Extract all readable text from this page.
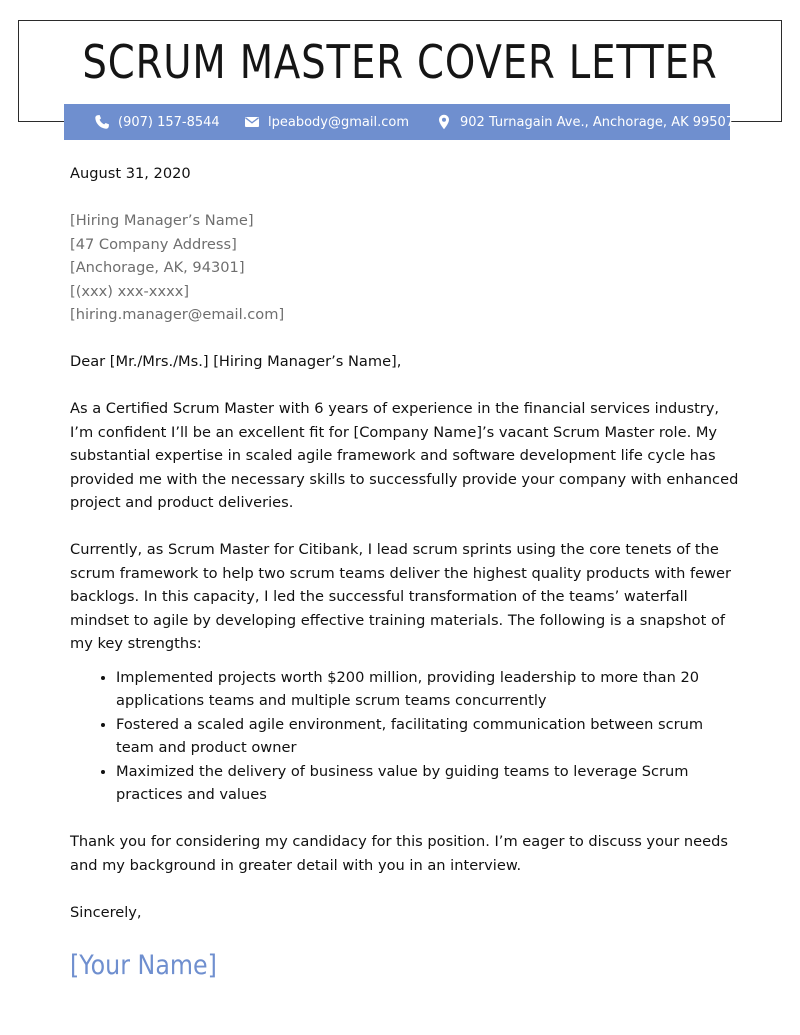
SCRUM MASTER COVER LETTER
(907) 157-8544	lpeabody@gmail.com	902 Turnagain Ave., Anchorage, AK 99507

August 31, 2020

[Hiring Manager’s Name]

[47 Company Address]

[Anchorage, AK, 94301]

[(xxx) xxx-xxxx]

[hiring.manager@email.com]

Dear [Mr./Mrs./Ms.] [Hiring Manager’s Name],

As a Certified Scrum Master with 6 years of experience in the financial services industry, I’m confident I’ll be an excellent fit for [Company Name]’s vacant Scrum Master role. My substantial expertise in scaled agile framework and software development life cycle has provided me with the necessary skills to successfully provide your company with enhanced project and product deliveries.

Currently, as Scrum Master for Citibank, I lead scrum sprints using the core tenets of the scrum framework to help two scrum teams deliver the highest quality products with fewer backlogs. In this capacity, I led the successful transformation of the teams’ waterfall mindset to agile by developing effective training materials. The following is a snapshot of my key strengths:

• Implemented projects worth $200 million, providing leadership to more than 20 applications teams and multiple scrum teams concurrently
• Fostered a scaled agile environment, facilitating communication between scrum team and product owner
• Maximized the delivery of business value by guiding teams to leverage Scrum practices and values

Thank you for considering my candidacy for this position. I’m eager to discuss your needs and my background in greater detail with you in an interview.

Sincerely,

[Your Name]
